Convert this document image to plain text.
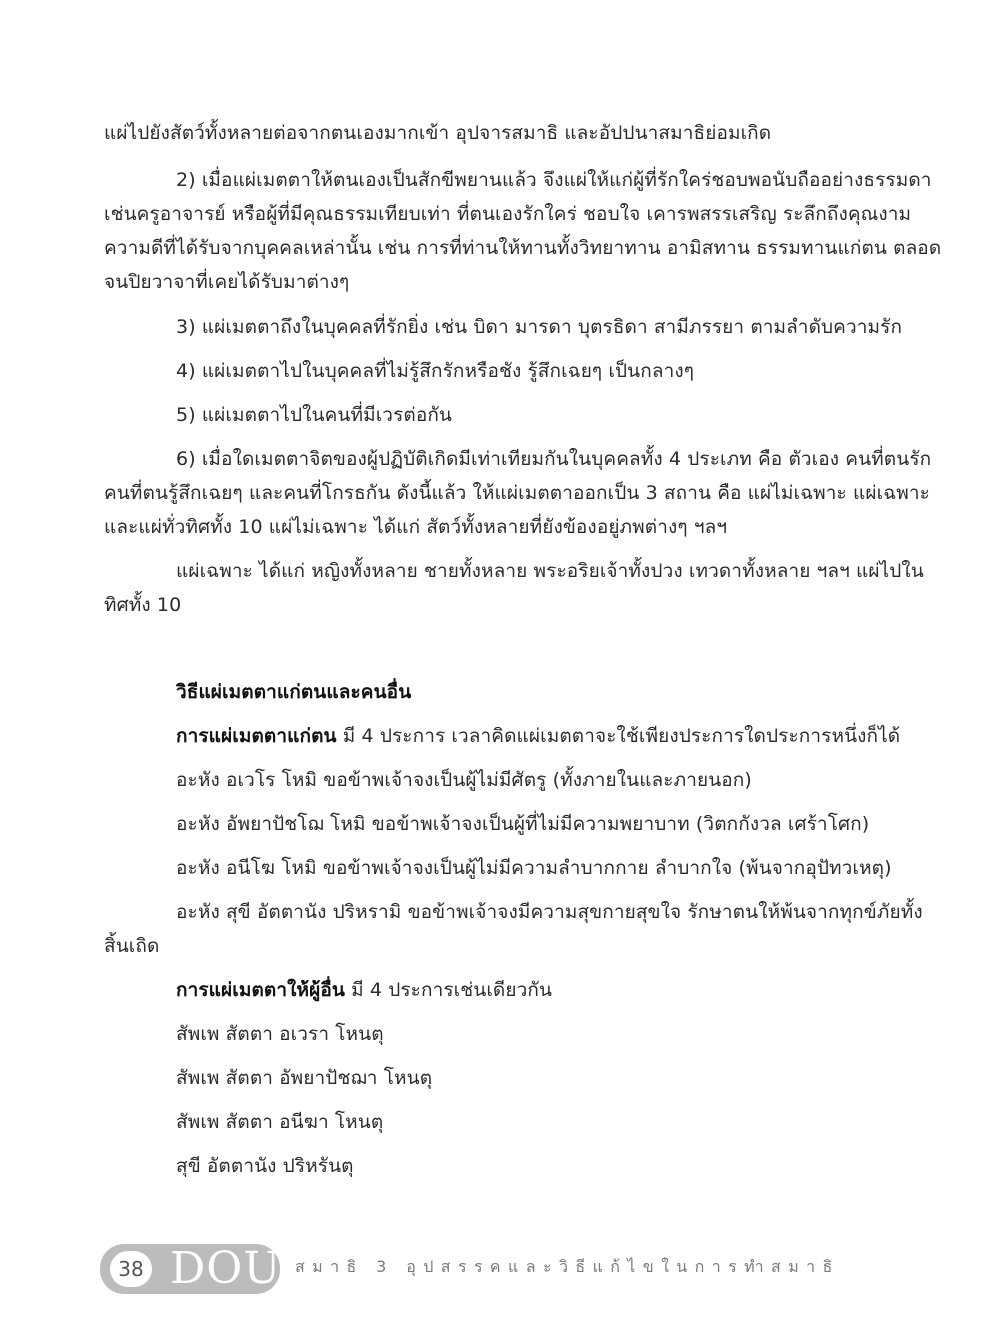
แผ่ไปยังสัตว์ทั้งหลายต่อจากตนเองมากเข้า อุปจารสมาธิ และอัปปนาสมาธิย่อมเกิด
2) เมื่อแผ่เมตตาให้ตนเองเป็นสักขีพยานแล้ว จึงแผ่ให้แก่ผู้ที่รักใคร่ชอบพอนับถืออย่างธรรมดา
เช่นครูอาจารย์ หรือผู้ที่มีคุณธรรมเทียบเท่า ที่ตนเองรักใคร่ ชอบใจ เคารพสรรเสริญ ระลึกถึงคุณงาม
ความดีที่ได้รับจากบุคคลเหล่านั้น เช่น การที่ท่านให้ทานทั้งวิทยาทาน อามิสทาน ธรรมทานแก่ตน ตลอด
จนปิยวาจาที่เคยได้รับมาต่างๆ
3) แผ่เมตตาถึงในบุคคลที่รักยิ่ง เช่น บิดา มารดา บุตรธิดา สามีภรรยา ตามลำดับความรัก
4) แผ่เมตตาไปในบุคคลที่ไม่รู้สึกรักหรือชัง รู้สึกเฉยๆ เป็นกลางๆ
5) แผ่เมตตาไปในคนที่มีเวรต่อกัน
6) เมื่อใดเมตตาจิตของผู้ปฏิบัติเกิดมีเท่าเทียมกันในบุคคลทั้ง 4 ประเภท คือ ตัวเอง คนที่ตนรัก
คนที่ตนรู้สึกเฉยๆ และคนที่โกรธกัน ดังนี้แล้ว ให้แผ่เมตตาออกเป็น 3 สถาน คือ แผ่ไม่เฉพาะ แผ่เฉพาะ
และแผ่ทั่วทิศทั้ง 10 แผ่ไม่เฉพาะ ได้แก่ สัตว์ทั้งหลายที่ยังข้องอยู่ภพต่างๆ ฯลฯ
แผ่เฉพาะ ได้แก่ หญิงทั้งหลาย ชายทั้งหลาย พระอริยเจ้าทั้งปวง เทวดาทั้งหลาย ฯลฯ แผ่ไปใน
ทิศทั้ง 10
วิธีแผ่เมตตาแก่ตนและคนอื่น
การแผ่เมตตาแก่ตน มี 4 ประการ เวลาคิดแผ่เมตตาจะใช้เพียงประการใดประการหนึ่งก็ได้
อะหัง อเวโร โหมิ ขอข้าพเจ้าจงเป็นผู้ไม่มีศัตรู (ทั้งภายในและภายนอก)
อะหัง อัพยาปัชโฌ โหมิ ขอข้าพเจ้าจงเป็นผู้ที่ไม่มีความพยาบาท (วิตกกังวล เศร้าโศก)
อะหัง อนีโฆ โหมิ ขอข้าพเจ้าจงเป็นผู้ไม่มีความลำบากกาย ลำบากใจ (พ้นจากอุปัทวเหตุ)
อะหัง สุขี อัตตานัง ปริหรามิ ขอข้าพเจ้าจงมีความสุขกายสุขใจ รักษาตนให้พ้นจากทุกข์ภัยทั้ง
สิ้นเถิด
การแผ่เมตตาให้ผู้อื่น มี 4 ประการเช่นเดียวกัน
สัพเพ สัตตา อเวรา โหนตุ
สัพเพ สัตตา อัพยาปัชฌา โหนตุ
สัพเพ สัตตา อนีฆา โหนตุ
สุขี อัตตานัง ปริหรันตุ
38 DOU สมาธิ 3 อุปสรรคและวิธีแก้ไขในการทำสมาธิ
